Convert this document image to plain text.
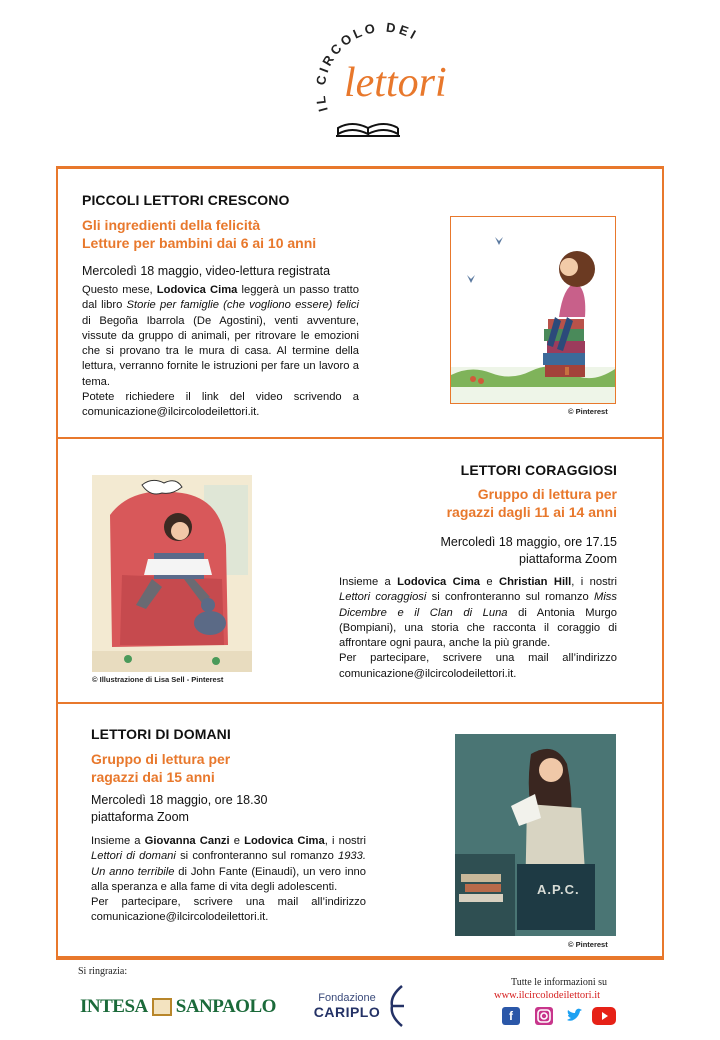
IL CIRCOLO DEI
lettori
PICCOLI LETTORI CRESCONO
Gli ingredienti della felicità
Letture per bambini dai 6 ai 10 anni
Mercoledì 18 maggio, video-lettura registrata
Questo mese, Lodovica Cima leggerà un passo tratto dal libro Storie per famiglie (che vogliono essere) felici di Begoña Ibarrola (De Agostini), venti avventure, vissute da gruppo di animali, per ritrovare le emozioni che si provano tra le mura di casa. Al termine della lettura, verranno fornite le istruzioni per fare un lavoro a tema.
Potete richiedere il link del video scrivendo a comunicazione@ilcircolodeilettori.it.	© Pinterest
LETTORI CORAGGIOSI
Gruppo di lettura per
ragazzi dagli 11 ai 14 anni
Mercoledì 18 maggio, ore 17.15
piattaforma Zoom
Insieme a Lodovica Cima e Christian Hill, i nostri Lettori coraggiosi si confronteranno sul romanzo Miss Dicembre e il Clan di Luna di Antonia Murgo (Bompiani), una storia che racconta il coraggio di affrontare ogni paura, anche la più grande.
Per partecipare, scrivere una mail all’indirizzo comunicazione@ilcircolodeilettori.it.
© Illustrazione di Lisa Sell - Pinterest
LETTORI DI DOMANI
Gruppo di lettura per
ragazzi dai 15 anni
Mercoledì 18 maggio, ore 18.30
piattaforma Zoom
Insieme a Giovanna Canzi e Lodovica Cima, i nostri Lettori di domani si confronteranno sul romanzo 1933. Un anno terribile di John Fante (Einaudi), un vero inno alla speranza e alla fame di vita degli adolescenti.
Per partecipare, scrivere una mail all’indirizzo comunicazione@ilcircolodeilettori.it.
A.P.C.
© Pinterest
Si ringrazia:
INTESA SANPAOLO	Fondazione
CARIPLO
Tutte le informazioni su
www.ilcircolodeilettori.it
f
